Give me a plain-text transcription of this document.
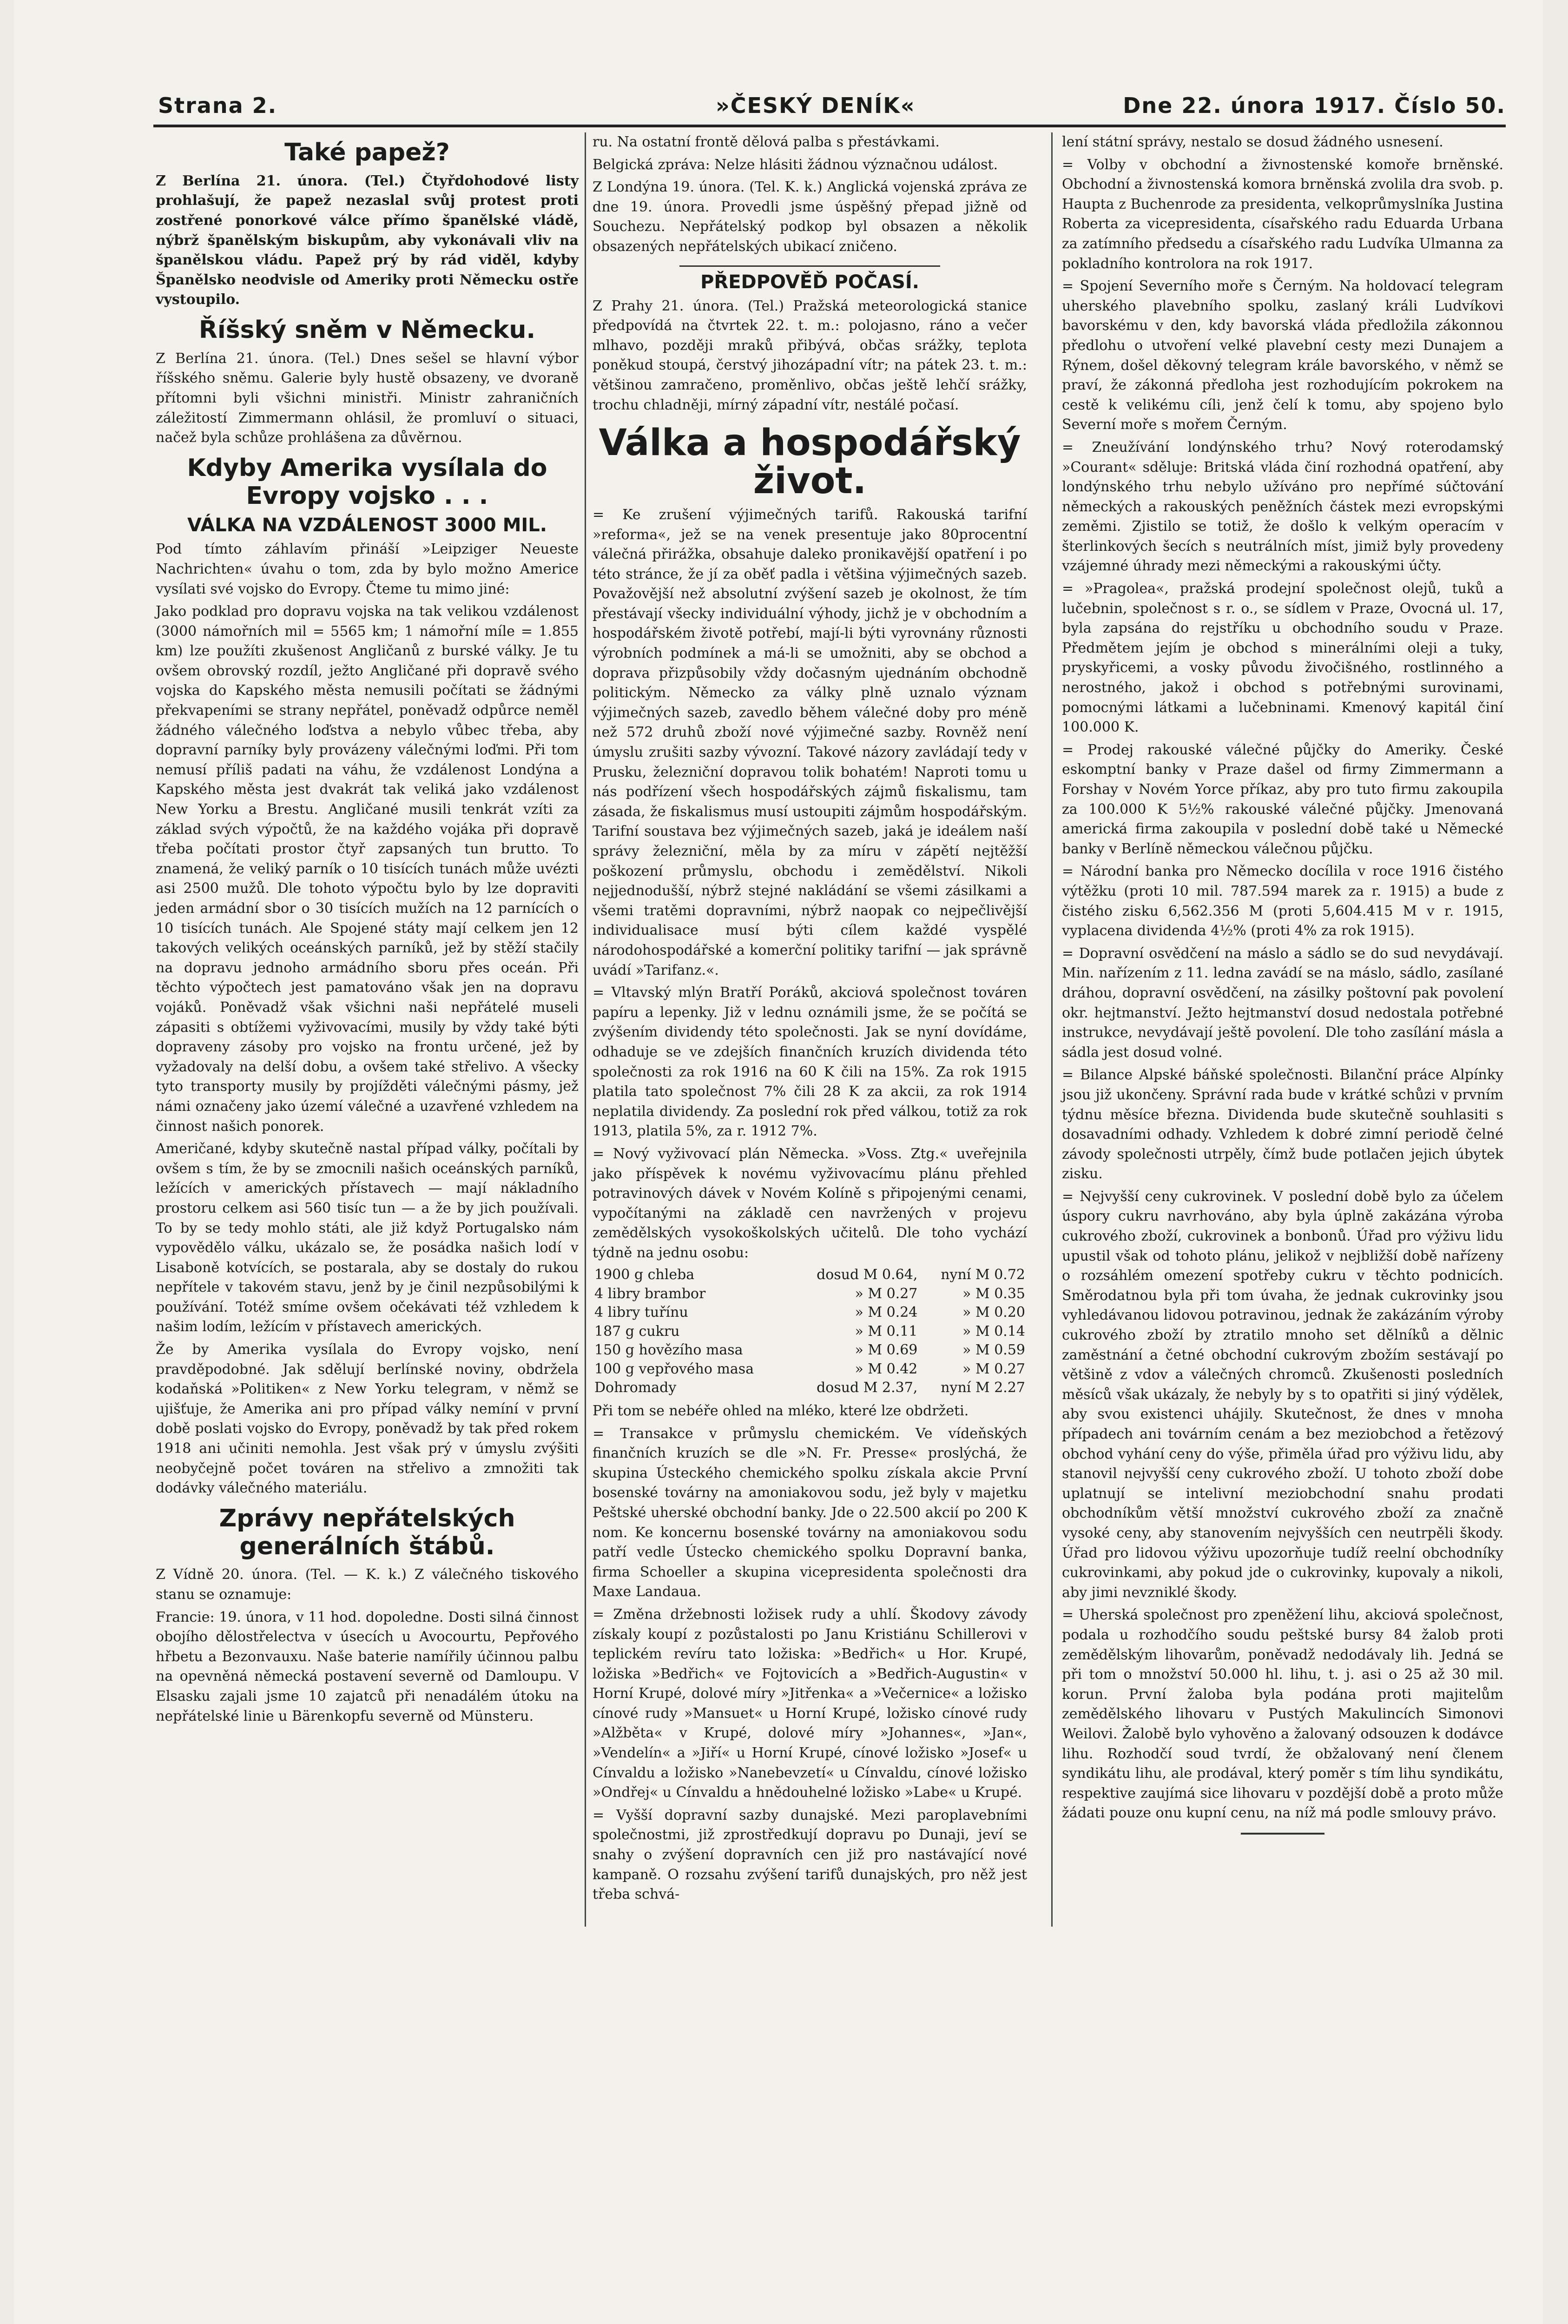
Strana 2.	»ČESKÝ DENÍK«	Dne 22. února 1917. Číslo 50.
Také papež?

Z Berlína 21. února. (Tel.) Čtyřdohodové listy prohlašují, že papež nezaslal svůj protest proti zostřené ponorkové válce přímo španělské vládě, nýbrž španělským biskupům, aby vykonávali vliv na španělskou vládu. Papež prý by rád viděl, kdyby Španělsko neodvisle od Ameriky proti Německu ostře vystoupilo.

Říšský sněm v Německu.

Z Berlína 21. února. (Tel.) Dnes sešel se hlavní výbor říšského sněmu. Galerie byly hustě obsazeny, ve dvoraně přítomni byli všichni ministři. Ministr zahraničních záležitostí Zimmermann ohlásil, že promluví o situaci, načež byla schůze prohlášena za důvěrnou.

Kdyby Amerika vysílala do Evropy vojsko . . .
VÁLKA NA VZDÁLENOST 3000 MIL.

Pod tímto záhlavím přináší »Leipziger Neueste Nachrichten« úvahu o tom, zda by bylo možno Americe vysílati své vojsko do Evropy. Čteme tu mimo jiné:

Jako podklad pro dopravu vojska na tak velikou vzdálenost (3000 námořních mil = 5565 km; 1 námořní míle = 1.855 km) lze použíti zkušenost Angličanů z burské války. Je tu ovšem obrovský rozdíl, ježto Angličané při dopravě svého vojska do Kapského města nemusili počítati se žádnými překvapeními se strany nepřátel, poněvadž odpůrce neměl žádného válečného loďstva a nebylo vůbec třeba, aby dopravní parníky byly provázeny válečnými loďmi. Při tom nemusí příliš padati na váhu, že vzdálenost Londýna a Kapského města jest dvakrát tak veliká jako vzdálenost New Yorku a Brestu. Angličané musili tenkrát vzíti za základ svých výpočtů, že na každého vojáka při dopravě třeba počítati prostor čtyř zapsaných tun brutto. To znamená, že veliký parník o 10 tisících tunách může uvézti asi 2500 mužů. Dle tohoto výpočtu bylo by lze dopraviti jeden armádní sbor o 30 tisících mužích na 12 parnících o 10 tisících tunách. Ale Spojené státy mají celkem jen 12 takových velikých oceánských parníků, jež by stěží stačily na dopravu jednoho armádního sboru přes oceán. Při těchto výpočtech jest pamatováno však jen na dopravu vojáků. Poněvadž však všichni naši nepřátelé museli zápasiti s obtížemi vyživovacími, musily by vždy také býti dopraveny zásoby pro vojsko na frontu určené, jež by vyžadovaly na delší dobu, a ovšem také střelivo. A všecky tyto transporty musily by projížděti válečnými pásmy, jež námi označeny jako území válečné a uzavřené vzhledem na činnost našich ponorek.

Američané, kdyby skutečně nastal případ války, počítali by ovšem s tím, že by se zmocnili našich oceánských parníků, ležících v amerických přístavech — mají nákladního prostoru celkem asi 560 tisíc tun — a že by jich používali. To by se tedy mohlo státi, ale již když Portugalsko nám vypovědělo válku, ukázalo se, že posádka našich lodí v Lisaboně kotvících, se postarala, aby se dostaly do rukou nepřítele v takovém stavu, jenž by je činil nezpůsobilými k používání. Totéž smíme ovšem očekávati též vzhledem k našim lodím, ležícím v přístavech amerických.

Že by Amerika vysílala do Evropy vojsko, není pravděpodobné. Jak sdělují berlínské noviny, obdržela kodaňská »Politiken« z New Yorku telegram, v němž se ujišťuje, že Amerika ani pro případ války nemíní v první době poslati vojsko do Evropy, poněvadž by tak před rokem 1918 ani učiniti nemohla. Jest však prý v úmyslu zvýšiti neobyčejně počet továren na střelivo a zmnožiti tak dodávky válečného materiálu.

Zprávy nepřátelských generálních štábů.

Z Vídně 20. února. (Tel. — K. k.) Z válečného tiskového stanu se oznamuje:

Francie: 19. února, v 11 hod. dopoledne. Dosti silná činnost obojího dělostřelectva v úsecích u Avocourtu, Pepřového hřbetu a Bezonvauxu. Naše baterie namířily účinnou palbu na opevněná německá postavení severně od Damloupu. V Elsasku zajali jsme 10 zajatců při nenadálém útoku na nepřátelské linie u Bärenkopfu severně od Münsteru.

ru. Na ostatní frontě dělová palba s přestávkami.

Belgická zpráva: Nelze hlásiti žádnou význačnou událost.

Z Londýna 19. února. (Tel. K. k.) Anglická vojenská zpráva ze dne 19. února. Provedli jsme úspěšný přepad jižně od Souchezu. Nepřátelský podkop byl obsazen a několik obsazených nepřátelských ubikací zničeno.

PŘEDPOVĚĎ POČASÍ.

Z Prahy 21. února. (Tel.) Pražská meteorologická stanice předpovídá na čtvrtek 22. t. m.: polojasno, ráno a večer mlhavo, později mraků přibývá, občas srážky, teplota poněkud stoupá, čerstvý jihozápadní vítr; na pátek 23. t. m.: většinou zamračeno, proměnlivo, občas ještě lehčí srážky, trochu chladněji, mírný západní vítr, nestálé počasí.

Válka a hospodářský život.

= Ke zrušení výjimečných tarifů. Rakouská tarifní »reforma«, jež se na venek presentuje jako 80procentní válečná přirážka, obsahuje daleko pronikavější opatření i po této stránce, že jí za oběť padla i většina výjimečných sazeb. Považovější než absolutní zvýšení sazeb je okolnost, že tím přestávají všecky individuální výhody, jichž je v obchodním a hospodářském životě potřebí, mají-li býti vyrovnány různosti výrobních podmínek a má-li se umožniti, aby se obchod a doprava přizpůsobily vždy dočasným ujednáním obchodně politickým. Německo za války plně uznalo význam výjimečných sazeb, zavedlo během válečné doby pro méně než 572 druhů zboží nové výjimečné sazby. Rovněž není úmyslu zrušiti sazby vývozní. Takové názory zavládají tedy v Prusku, železniční dopravou tolik bohatém! Naproti tomu u nás podřízení všech hospodářských zájmů fiskalismu, tam zásada, že fiskalismus musí ustoupiti zájmům hospodářským. Tarifní soustava bez výjimečných sazeb, jaká je ideálem naší správy železniční, měla by za míru v zápětí nejtěžší poškození průmyslu, obchodu i zemědělství. Nikoli nejjednodušší, nýbrž stejné nakládání se všemi zásilkami a všemi tratěmi dopravními, nýbrž naopak co nejpečlivější individualisace musí býti cílem každé vyspělé národohospodářské a komerční politiky tarifní — jak správně uvádí »Tarifanz.«.

= Vltavský mlýn Bratří Poráků, akciová společnost továren papíru a lepenky. Již v lednu oznámili jsme, že se počítá se zvýšením dividendy této společnosti. Jak se nyní dovídáme, odhaduje se ve zdejších finančních kruzích dividenda této společnosti za rok 1916 na 60 K čili na 15%. Za rok 1915 platila tato společnost 7% čili 28 K za akcii, za rok 1914 neplatila dividendy. Za poslední rok před válkou, totiž za rok 1913, platila 5%, za r. 1912 7%.

= Nový vyživovací plán Německa. »Voss. Ztg.« uveřejnila jako příspěvek k novému vyživovacímu plánu přehled potravinových dávek v Novém Kolíně s připojenými cenami, vypočítanými na základě cen navržených v projevu zemědělských vysokoškolských učitelů. Dle toho vychází týdně na jednu osobu:

1900 g chleba	dosud M 0.64,	nyní M 0.72
4 libry brambor	» M 0.27	» M 0.35
4 libry tuřínu	» M 0.24	» M 0.20
187 g cukru	» M 0.11	» M 0.14
150 g hovězího masa	» M 0.69	» M 0.59
100 g vepřového masa	» M 0.42	» M 0.27
Dohromady	dosud M 2.37,	nyní M 2.27

Při tom se nebéře ohled na mléko, které lze obdržeti.

= Transakce v průmyslu chemickém. Ve vídeňských finančních kruzích se dle »N. Fr. Presse« proslýchá, že skupina Ústeckého chemického spolku získala akcie První bosenské továrny na amoniakovou sodu, jež byly v majetku Peštské uherské obchodní banky. Jde o 22.500 akcií po 200 K nom. Ke koncernu bosenské továrny na amoniakovou sodu patří vedle Ústecko chemického spolku Dopravní banka, firma Schoeller a skupina vicepresidenta společnosti dra Maxe Landaua.

= Změna držebnosti ložisek rudy a uhlí. Škodovy závody získaly koupí z pozůstalosti po Janu Kristiánu Schillerovi v teplickém revíru tato ložiska: »Bedřich« u Hor. Krupé, ložiska »Bedřich« ve Fojtovicích a »Bedřich-Augustin« v Horní Krupé, dolové míry »Jitřenka« a »Večernice« a ložisko cínové rudy »Mansuet« u Horní Krupé, ložisko cínové rudy »Alžběta« v Krupé, dolové míry »Johannes«, »Jan«, »Vendelín« a »Jiří« u Horní Krupé, cínové ložisko »Josef« u Cínvaldu a ložisko »Nanebevzetí« u Cínvaldu, cínové ložisko »Ondřej« u Cínvaldu a hnědouhelné ložisko »Labe« u Krupé.

= Vyšší dopravní sazby dunajské. Mezi paroplavebními společnostmi, již zprostředkují dopravu po Dunaji, jeví se snahy o zvýšení dopravních cen již pro nastávající nové kampaně. O rozsahu zvýšení tarifů dunajských, pro něž jest třeba schvá-

lení státní správy, nestalo se dosud žádného usnesení.

= Volby v obchodní a živnostenské komoře brněnské. Obchodní a živnostenská komora brněnská zvolila dra svob. p. Haupta z Buchenrode za presidenta, velkoprůmyslníka Justina Roberta za vicepresidenta, císařského radu Eduarda Urbana za zatímního předsedu a císařského radu Ludvíka Ulmanna za pokladního kontrolora na rok 1917.

= Spojení Severního moře s Černým. Na holdovací telegram uherského plavebního spolku, zaslaný králi Ludvíkovi bavorskému v den, kdy bavorská vláda předložila zákonnou předlohu o utvoření velké plavební cesty mezi Dunajem a Rýnem, došel děkovný telegram krále bavorského, v němž se praví, že zákonná předloha jest rozhodujícím pokrokem na cestě k velikému cíli, jenž čelí k tomu, aby spojeno bylo Severní moře s mořem Černým.

= Zneužívání londýnského trhu? Nový roterodamský »Courant« sděluje: Britská vláda činí rozhodná opatření, aby londýnského trhu nebylo užíváno pro nepřímé súčtování německých a rakouských peněžních částek mezi evropskými zeměmi. Zjistilo se totiž, že došlo k velkým operacím v šterlinkových šecích s neutrálních míst, jimiž byly provedeny vzájemné úhrady mezi německými a rakouskými účty.

= »Pragolea«, pražská prodejní společnost olejů, tuků a lučebnin, společnost s r. o., se sídlem v Praze, Ovocná ul. 17, byla zapsána do rejstříku u obchodního soudu v Praze. Předmětem jejím je obchod s minerálními oleji a tuky, pryskyřicemi, a vosky původu živočišného, rostlinného a nerostného, jakož i obchod s potřebnými surovinami, pomocnými látkami a lučebninami. Kmenový kapitál činí 100.000 K.

= Prodej rakouské válečné půjčky do Ameriky. České eskomptní banky v Praze dašel od firmy Zimmermann a Forshay v Novém Yorce příkaz, aby pro tuto firmu zakoupila za 100.000 K 5½% rakouské válečné půjčky. Jmenovaná americká firma zakoupila v poslední době také u Německé banky v Berlíně německou válečnou půjčku.

= Národní banka pro Německo docílila v roce 1916 čistého výtěžku (proti 10 mil. 787.594 marek za r. 1915) a bude z čistého zisku 6,562.356 M (proti 5,604.415 M v r. 1915, vyplacena dividenda 4½% (proti 4% za rok 1915).

= Dopravní osvědčení na máslo a sádlo se do sud nevydávají. Min. nařízením z 11. ledna zavádí se na máslo, sádlo, zasílané dráhou, dopravní osvědčení, na zásilky poštovní pak povolení okr. hejtmanství. Ježto hejtmanství dosud nedostala potřebné instrukce, nevydávají ještě povolení. Dle toho zasílání másla a sádla jest dosud volné.

= Bilance Alpské báňské společnosti. Bilanční práce Alpínky jsou již ukončeny. Správní rada bude v krátké schůzi v prvním týdnu měsíce března. Dividenda bude skutečně souhlasiti s dosavadními odhady. Vzhledem k dobré zimní periodě čelné závody společnosti utrpěly, čímž bude potlačen jejich úbytek zisku.

= Nejvyšší ceny cukrovinek. V poslední době bylo za účelem úspory cukru navrhováno, aby byla úplně zakázána výroba cukrového zboží, cukrovinek a bonbonů. Úřad pro výživu lidu upustil však od tohoto plánu, jelikož v nejbližší době nařízeny o rozsáhlém omezení spotřeby cukru v těchto podnicích. Směrodatnou byla při tom úvaha, že jednak cukrovinky jsou vyhledávanou lidovou potravinou, jednak že zakázáním výroby cukrového zboží by ztratilo mnoho set dělníků a dělnic zaměstnání a četné obchodní cukrovým zbožím sestávají po většině z vdov a válečných chromců. Zkušenosti posledních měsíců však ukázaly, že nebyly by s to opatřiti si jiný výdělek, aby svou existenci uhájily. Skutečnost, že dnes v mnoha případech ani továrním cenám a bez meziobchod a řetězový obchod vyhání ceny do výše, přiměla úřad pro výživu lidu, aby stanovil nejvyšší ceny cukrového zboží. U tohoto zboží dobe uplatnují se intelivní meziobchodní snahu prodati obchodníkům větší množství cukrového zboží za značně vysoké ceny, aby stanovením nejvyšších cen neutrpěli škody. Úřad pro lidovou výživu upozorňuje tudíž reelní obchodníky cukrovinkami, aby pokud jde o cukrovinky, kupovaly a nikoli, aby jimi nevzniklé škody.

= Uherská společnost pro zpeněžení lihu, akciová společnost, podala u rozhodčího soudu peštské bursy 84 žalob proti zemědělským lihovarům, poněvadž nedodávaly lih. Jedná se při tom o množství 50.000 hl. lihu, t. j. asi o 25 až 30 mil. korun. První žaloba byla podána proti majitelům zemědělského lihovaru v Pustých Makulincích Simonovi Weilovi. Žalobě bylo vyhověno a žalovaný odsouzen k dodávce lihu. Rozhodčí soud tvrdí, že obžalovaný není členem syndikátu lihu, ale prodával, který poměr s tím lihu syndikátu, respektive zaujímá sice lihovaru v pozdější době a proto může žádati pouze onu kupní cenu, na níž má podle smlouvy právo.
